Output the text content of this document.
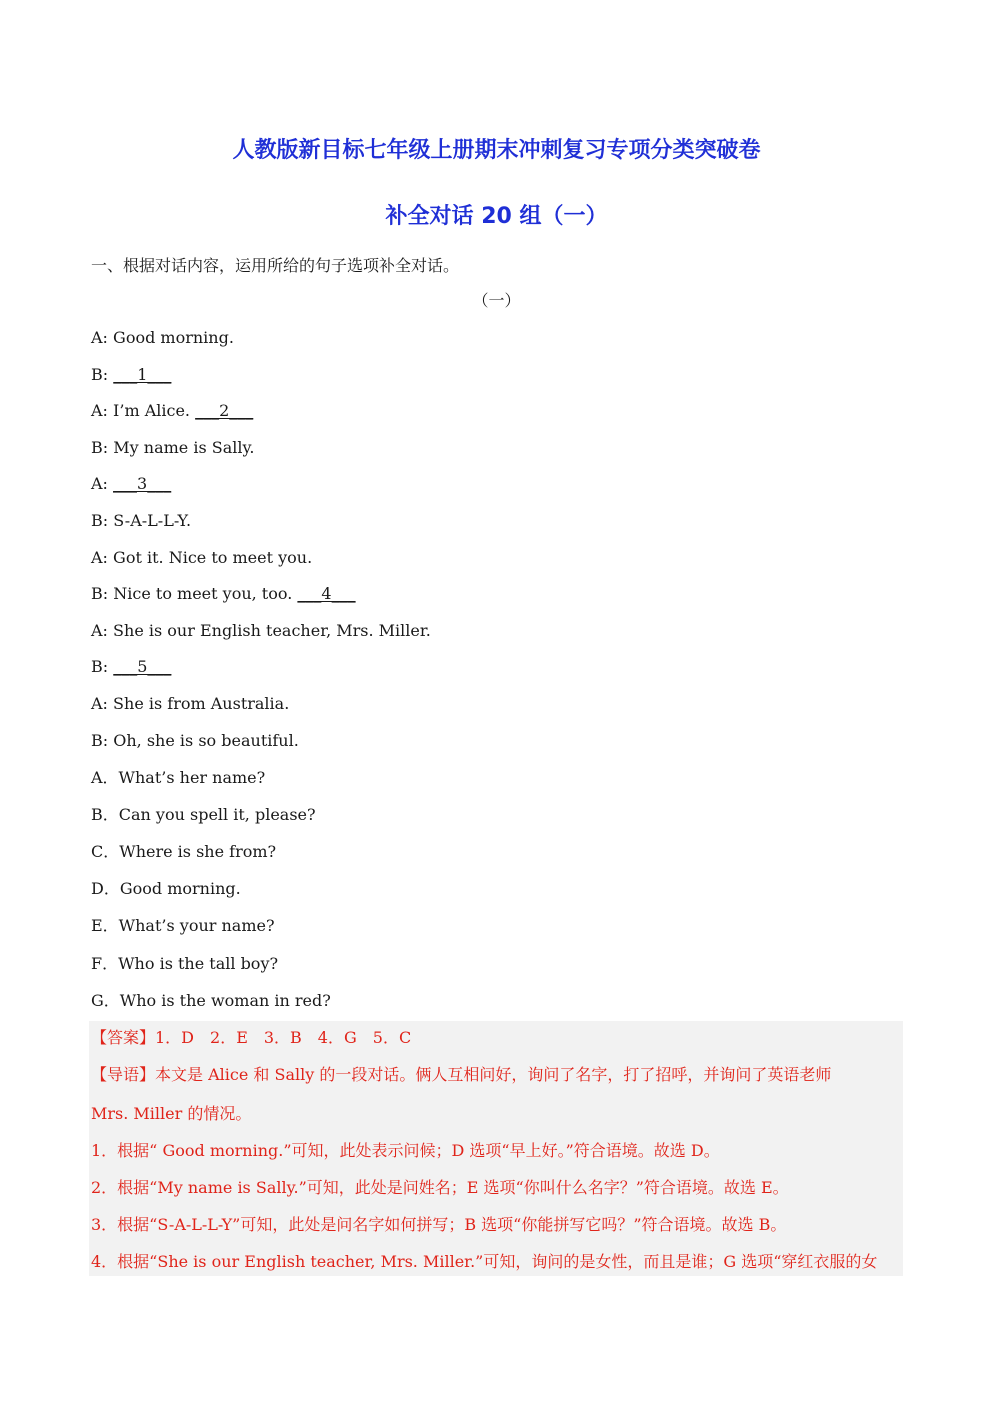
人教版新目标七年级上册期末冲刺复习专项分类突破卷
补全对话 20 组（一）
一、根据对话内容，运用所给的句子选项补全对话。
（一）
A: Good morning.
B: ___1___
A: I’m Alice. ___2___
B: My name is Sally.
A: ___3___
B: S-A-L-L-Y.
A: Got it. Nice to meet you.
B: Nice to meet you, too. ___4___
A: She is our English teacher, Mrs. Miller.
B: ___5___
A: She is from Australia.
B: Oh, she is so beautiful.
A．What’s her name?
B．Can you spell it, please?
C．Where is she from?
D．Good morning.
E．What’s your name?
F．Who is the tall boy?
G．Who is the woman in red?
【答案】1．D　2．E　3．B　4．G　5．C
【导语】本文是 Alice 和 Sally 的一段对话。俩人互相问好，询问了名字，打了招呼，并询问了英语老师
Mrs. Miller 的情况。
1．根据“ Good morning.”可知，此处表示问候；D 选项“早上好。”符合语境。故选 D。
2．根据“My name is Sally.”可知，此处是问姓名；E 选项“你叫什么名字？”符合语境。故选 E。
3．根据“S-A-L-L-Y”可知，此处是问名字如何拼写；B 选项“你能拼写它吗？”符合语境。故选 B。
4．根据“She is our English teacher, Mrs. Miller.”可知，询问的是女性，而且是谁；G 选项“穿红衣服的女
